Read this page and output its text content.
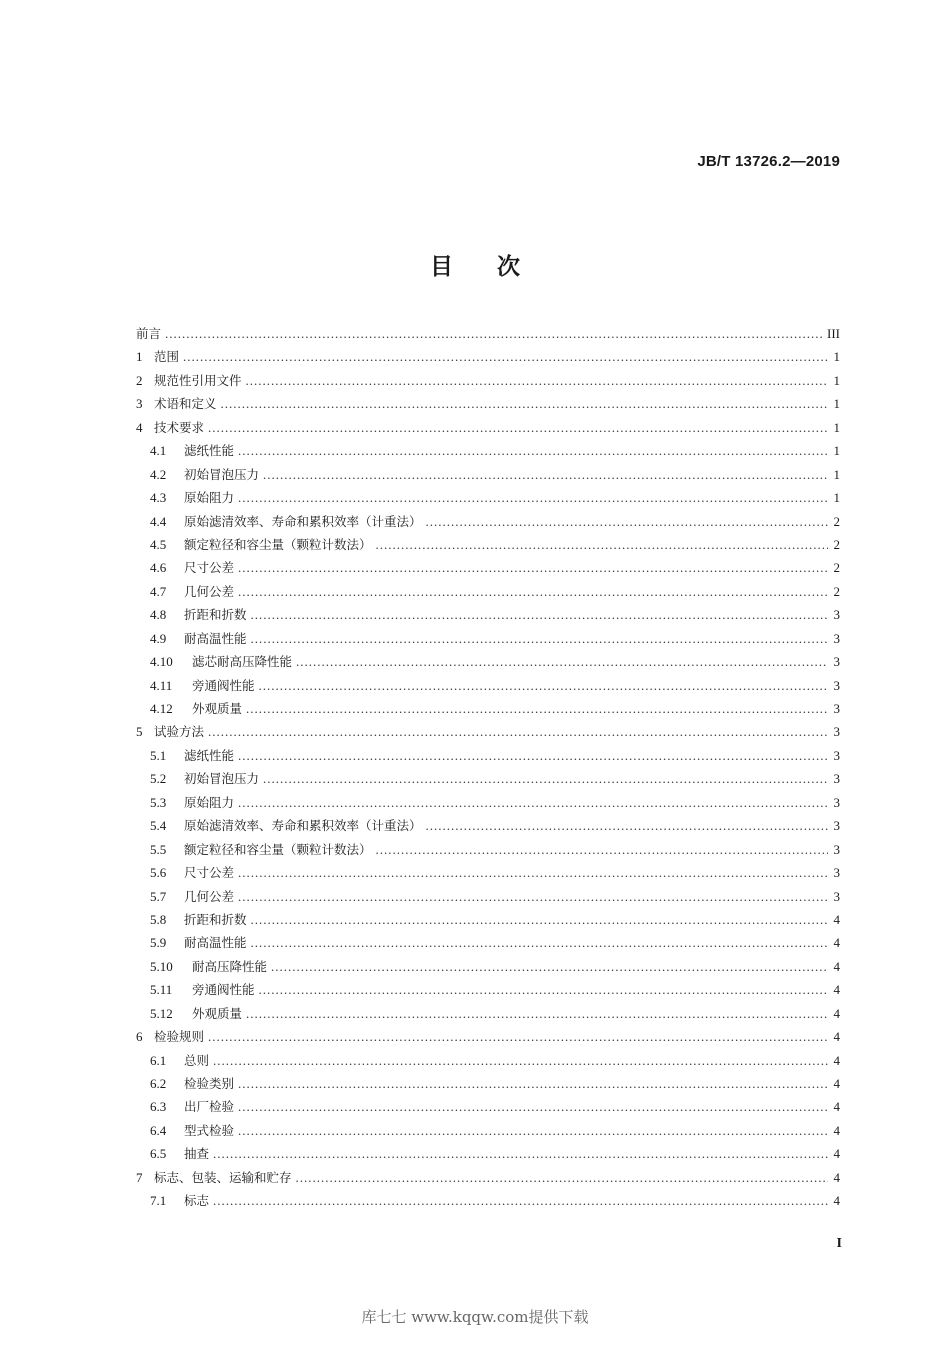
JB/T 13726.2—2019
目 次
前言 .....	III
1 范围 .....	1
2 规范性引用文件 .....	1
3 术语和定义 .....	1
4 技术要求 .....	1
4.1	滤纸性能 .....	1
4.2	初始冒泡压力 .....	1
4.3	原始阻力 .....	1
4.4	原始滤清效率、寿命和累积效率（计重法） .....	2
4.5	额定粒径和容尘量（颗粒计数法） .....	2
4.6	尺寸公差 .....	2
4.7	几何公差 .....	2
4.8	折距和折数 .....	3
4.9	耐高温性能 .....	3
4.10	滤芯耐高压降性能 .....	3
4.11	旁通阀性能 .....	3
4.12	外观质量 .....	3
5 试验方法 .....	3
5.1	滤纸性能 .....	3
5.2	初始冒泡压力 .....	3
5.3	原始阻力 .....	3
5.4	原始滤清效率、寿命和累积效率（计重法） .....	3
5.5	额定粒径和容尘量（颗粒计数法） .....	3
5.6	尺寸公差 .....	3
5.7	几何公差 .....	3
5.8	折距和折数 .....	4
5.9	耐高温性能 .....	4
5.10	耐高压降性能 .....	4
5.11	旁通阀性能 .....	4
5.12	外观质量 .....	4
6 检验规则 .....	4
6.1	总则 .....	4
6.2	检验类别 .....	4
6.3	出厂检验 .....	4
6.4	型式检验 .....	4
6.5	抽查 .....	4
7 标志、包装、运输和贮存 .....	4
7.1	标志 .....	4
I
库七七 www.kqqw.com提供下载
